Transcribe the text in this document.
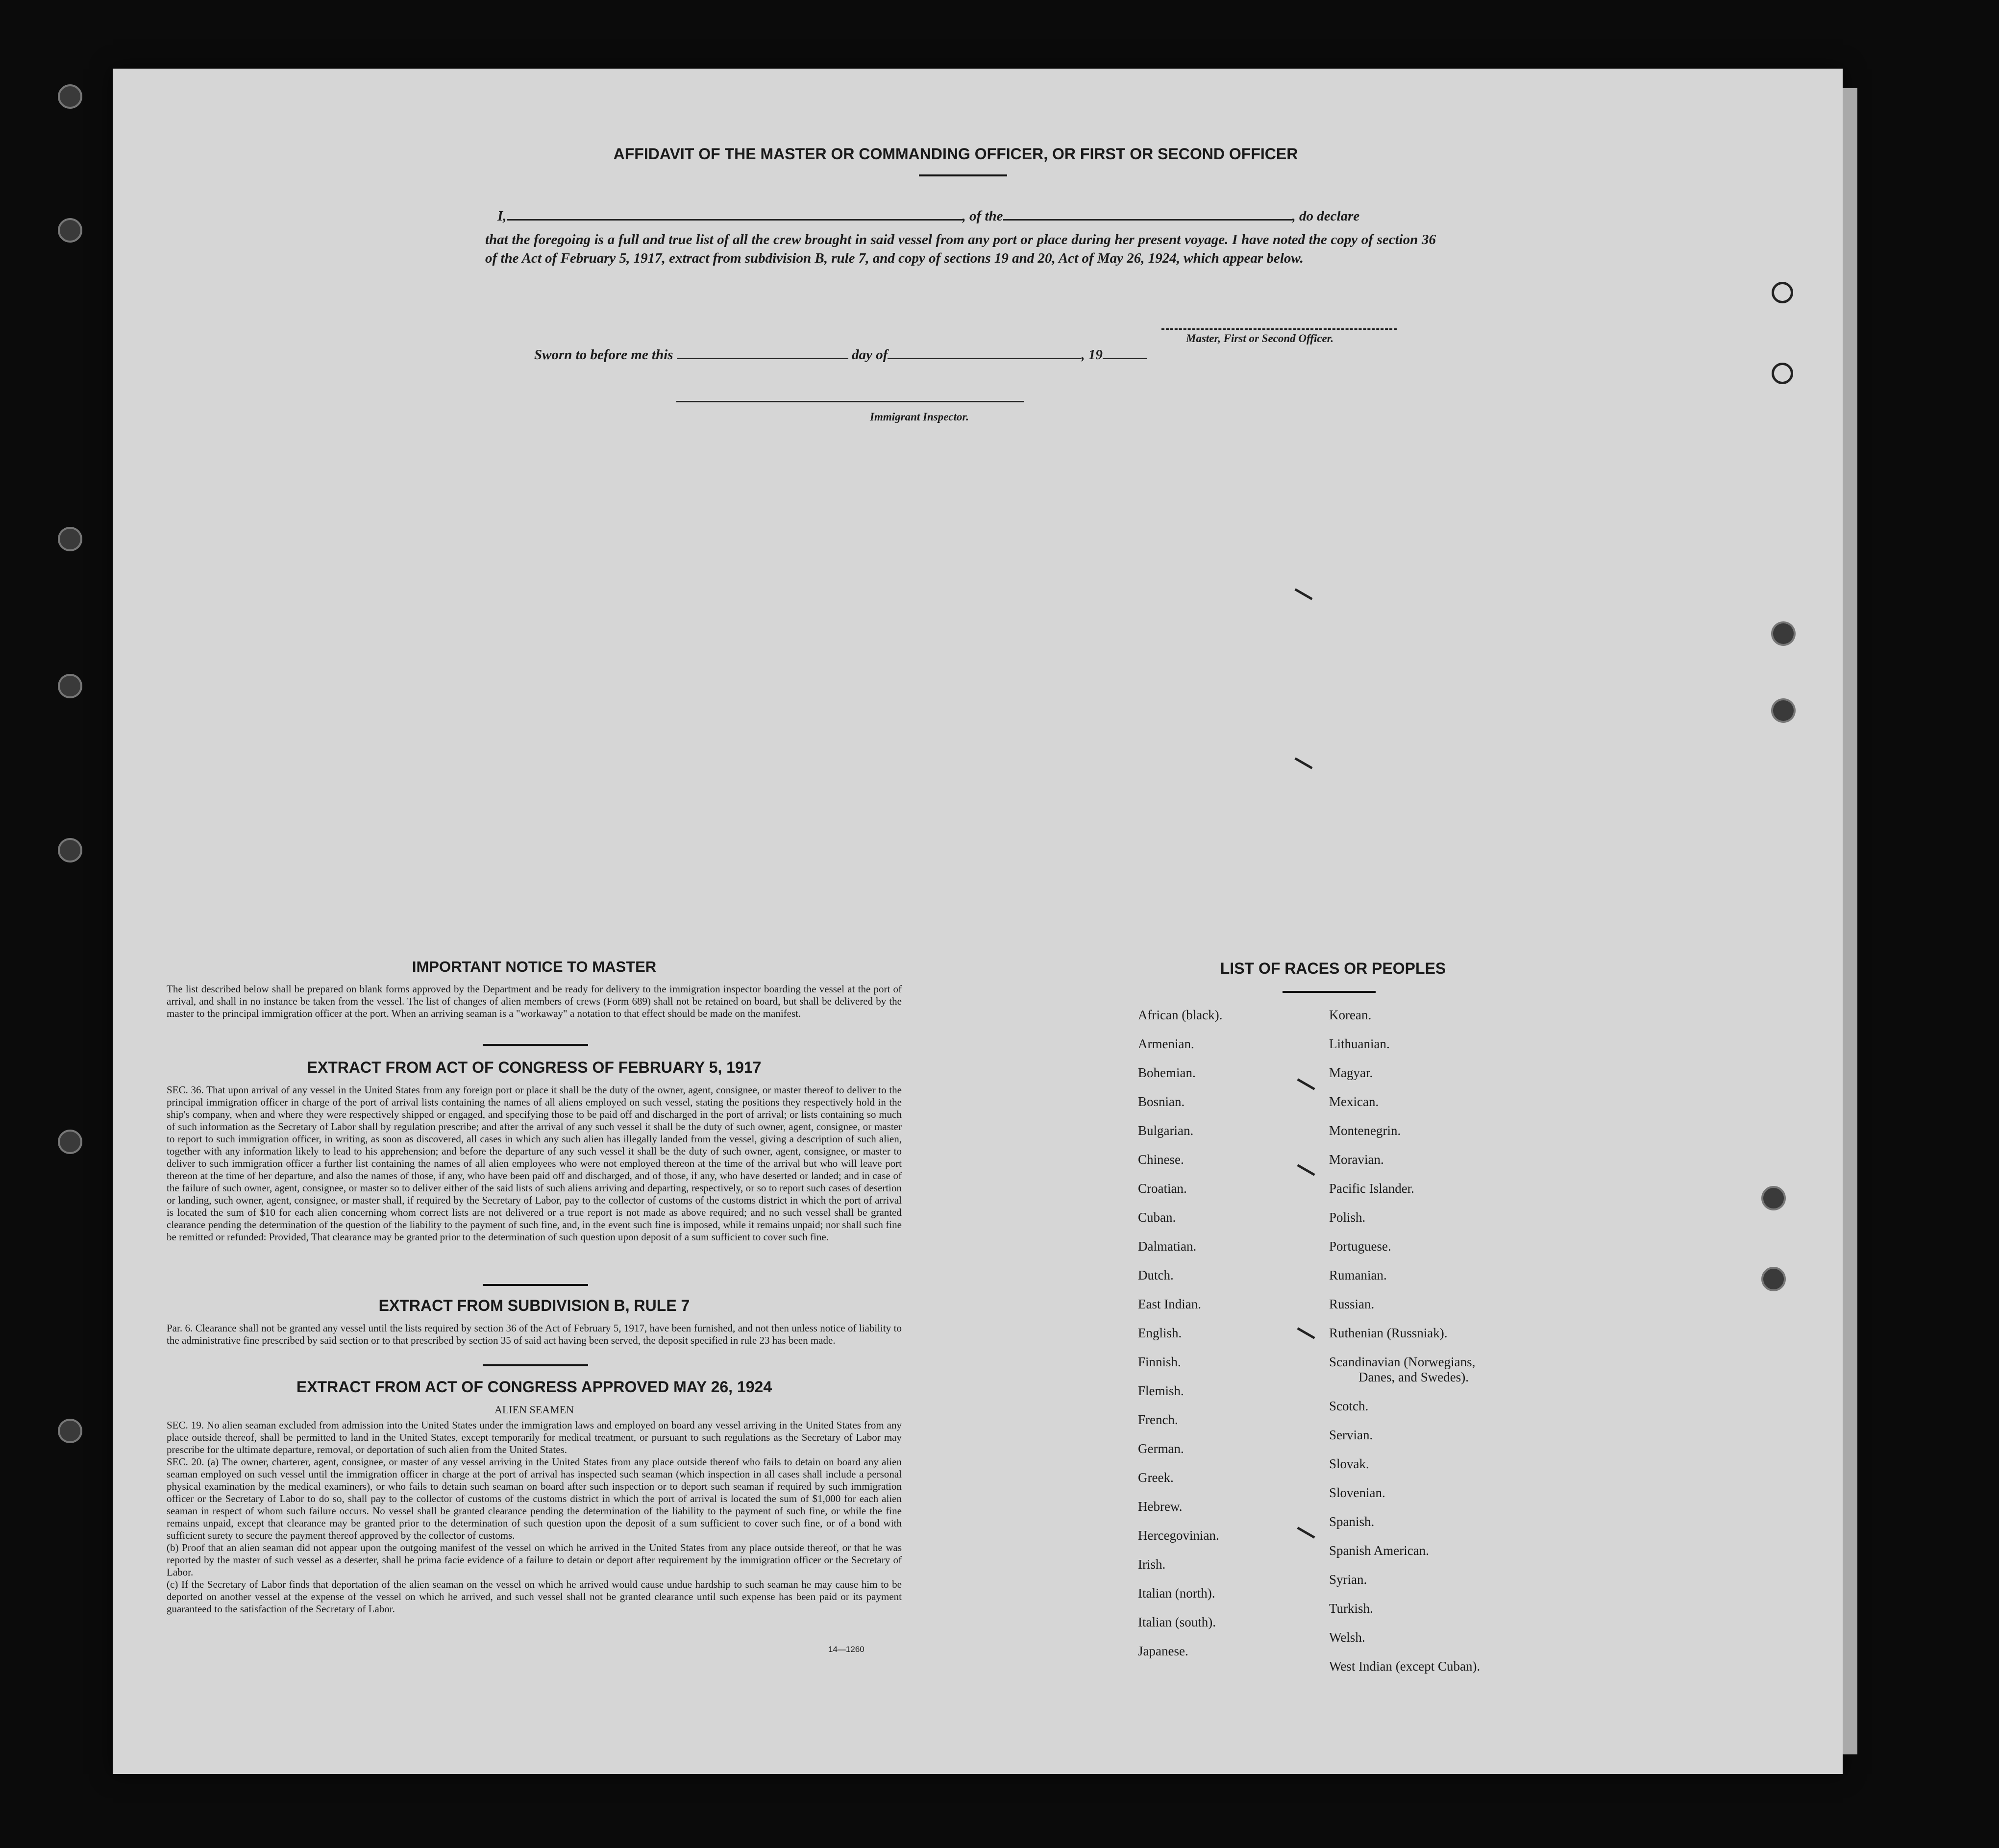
AFFIDAVIT OF THE MASTER OR COMMANDING OFFICER, OR FIRST OR SECOND OFFICER
I,	, of the	, do declare
that the foregoing is a full and true list of all the crew brought in said vessel from any port or place during her present voyage. I have noted the copy of section 36 of the Act of February 5, 1917, extract from subdivision B, rule 7, and copy of sections 19 and 20, Act of May 26, 1924, which appear below.
Master, First or Second Officer.
Sworn to before me this	day of	, 19
Immigrant Inspector.
IMPORTANT NOTICE TO MASTER
The list described below shall be prepared on blank forms approved by the Department and be ready for delivery to the immigration inspector boarding the vessel at the port of arrival, and shall in no instance be taken from the vessel. The list of changes of alien members of crews (Form 689) shall not be retained on board, but shall be delivered by the master to the principal immigration officer at the port. When an arriving seaman is a "workaway" a notation to that effect should be made on the manifest.
EXTRACT FROM ACT OF CONGRESS OF FEBRUARY 5, 1917
SEC. 36. That upon arrival of any vessel in the United States from any foreign port or place it shall be the duty of the owner, agent, consignee, or master thereof to deliver to the principal immigration officer in charge of the port of arrival lists containing the names of all aliens employed on such vessel, stating the positions they respectively hold in the ship's company, when and where they were respectively shipped or engaged, and specifying those to be paid off and discharged in the port of arrival; or lists containing so much of such information as the Secretary of Labor shall by regulation prescribe; and after the arrival of any such vessel it shall be the duty of such owner, agent, consignee, or master to report to such immigration officer, in writing, as soon as discovered, all cases in which any such alien has illegally landed from the vessel, giving a description of such alien, together with any information likely to lead to his apprehension; and before the departure of any such vessel it shall be the duty of such owner, agent, consignee, or master to deliver to such immigration officer a further list containing the names of all alien employees who were not employed thereon at the time of the arrival but who will leave port thereon at the time of her departure, and also the names of those, if any, who have been paid off and discharged, and of those, if any, who have deserted or landed; and in case of the failure of such owner, agent, consignee, or master so to deliver either of the said lists of such aliens arriving and departing, respectively, or so to report such cases of desertion or landing, such owner, agent, consignee, or master shall, if required by the Secretary of Labor, pay to the collector of customs of the customs district in which the port of arrival is located the sum of $10 for each alien concerning whom correct lists are not delivered or a true report is not made as above required; and no such vessel shall be granted clearance pending the determination of the question of the liability to the payment of such fine, and, in the event such fine is imposed, while it remains unpaid; nor shall such fine be remitted or refunded: Provided, That clearance may be granted prior to the determination of such question upon deposit of a sum sufficient to cover such fine.
EXTRACT FROM SUBDIVISION B, RULE 7
Par. 6. Clearance shall not be granted any vessel until the lists required by section 36 of the Act of February 5, 1917, have been furnished, and not then unless notice of liability to the administrative fine prescribed by said section or to that prescribed by section 35 of said act having been served, the deposit specified in rule 23 has been made.
EXTRACT FROM ACT OF CONGRESS APPROVED MAY 26, 1924
ALIEN SEAMEN
SEC. 19. No alien seaman excluded from admission into the United States under the immigration laws and employed on board any vessel arriving in the United States from any place outside thereof, shall be permitted to land in the United States, except temporarily for medical treatment, or pursuant to such regulations as the Secretary of Labor may prescribe for the ultimate departure, removal, or deportation of such alien from the United States.
SEC. 20. (a) The owner, charterer, agent, consignee, or master of any vessel arriving in the United States from any place outside thereof who fails to detain on board any alien seaman employed on such vessel until the immigration officer in charge at the port of arrival has inspected such seaman (which inspection in all cases shall include a personal physical examination by the medical examiners), or who fails to detain such seaman on board after such inspection or to deport such seaman if required by such immigration officer or the Secretary of Labor to do so, shall pay to the collector of customs of the customs district in which the port of arrival is located the sum of $1,000 for each alien seaman in respect of whom such failure occurs. No vessel shall be granted clearance pending the determination of the liability to the payment of such fine, or while the fine remains unpaid, except that clearance may be granted prior to the determination of such question upon the deposit of a sum sufficient to cover such fine, or of a bond with sufficient surety to secure the payment thereof approved by the collector of customs.
(b) Proof that an alien seaman did not appear upon the outgoing manifest of the vessel on which he arrived in the United States from any place outside thereof, or that he was reported by the master of such vessel as a deserter, shall be prima facie evidence of a failure to detain or deport after requirement by the immigration officer or the Secretary of Labor.
(c) If the Secretary of Labor finds that deportation of the alien seaman on the vessel on which he arrived would cause undue hardship to such seaman he may cause him to be deported on another vessel at the expense of the vessel on which he arrived, and such vessel shall not be granted clearance until such expense has been paid or its payment guaranteed to the satisfaction of the Secretary of Labor.
14—1260
LIST OF RACES OR PEOPLES
African (black).
Armenian.
Bohemian.
Bosnian.
Bulgarian.
Chinese.
Croatian.
Cuban.
Dalmatian.
Dutch.
East Indian.
English.
Finnish.
Flemish.
French.
German.
Greek.
Hebrew.
Hercegovinian.
Irish.
Italian (north).
Italian (south).
Japanese.
Korean.
Lithuanian.
Magyar.
Mexican.
Montenegrin.
Moravian.
Pacific Islander.
Polish.
Portuguese.
Rumanian.
Russian.
Ruthenian (Russniak).
Scandinavian (Norwegians,
Danes, and Swedes).
Scotch.
Servian.
Slovak.
Slovenian.
Spanish.
Spanish American.
Syrian.
Turkish.
Welsh.
West Indian (except Cuban).
